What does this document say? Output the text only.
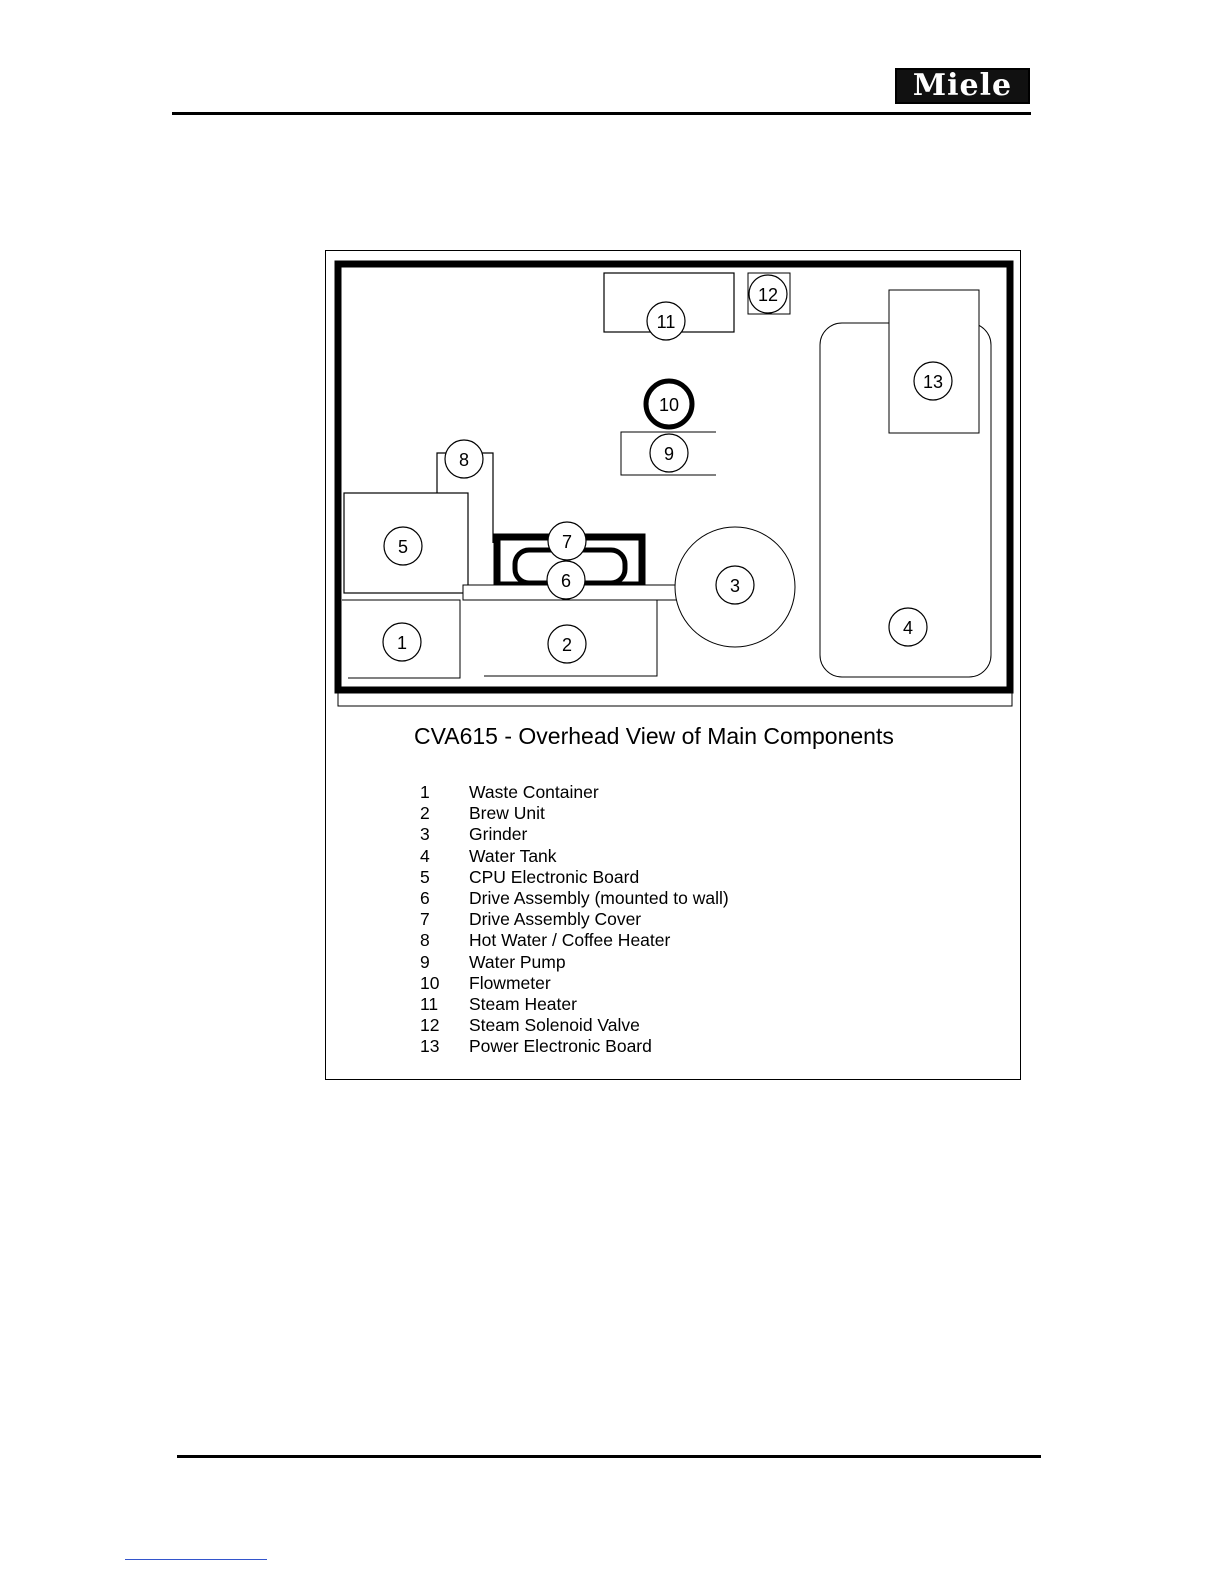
Miele
11
12
13
10
9
8
7
6
5
3
4
1	2
CVA615 - Overhead View of Main Components
1	Waste Container
2	Brew Unit
3	Grinder
4	Water Tank
5	CPU Electronic Board
6	Drive Assembly (mounted to wall)
7	Drive Assembly Cover
8	Hot Water / Coffee Heater
9	Water Pump
10	Flowmeter
11	Steam Heater
12	Steam Solenoid Valve
13	Power Electronic Board
